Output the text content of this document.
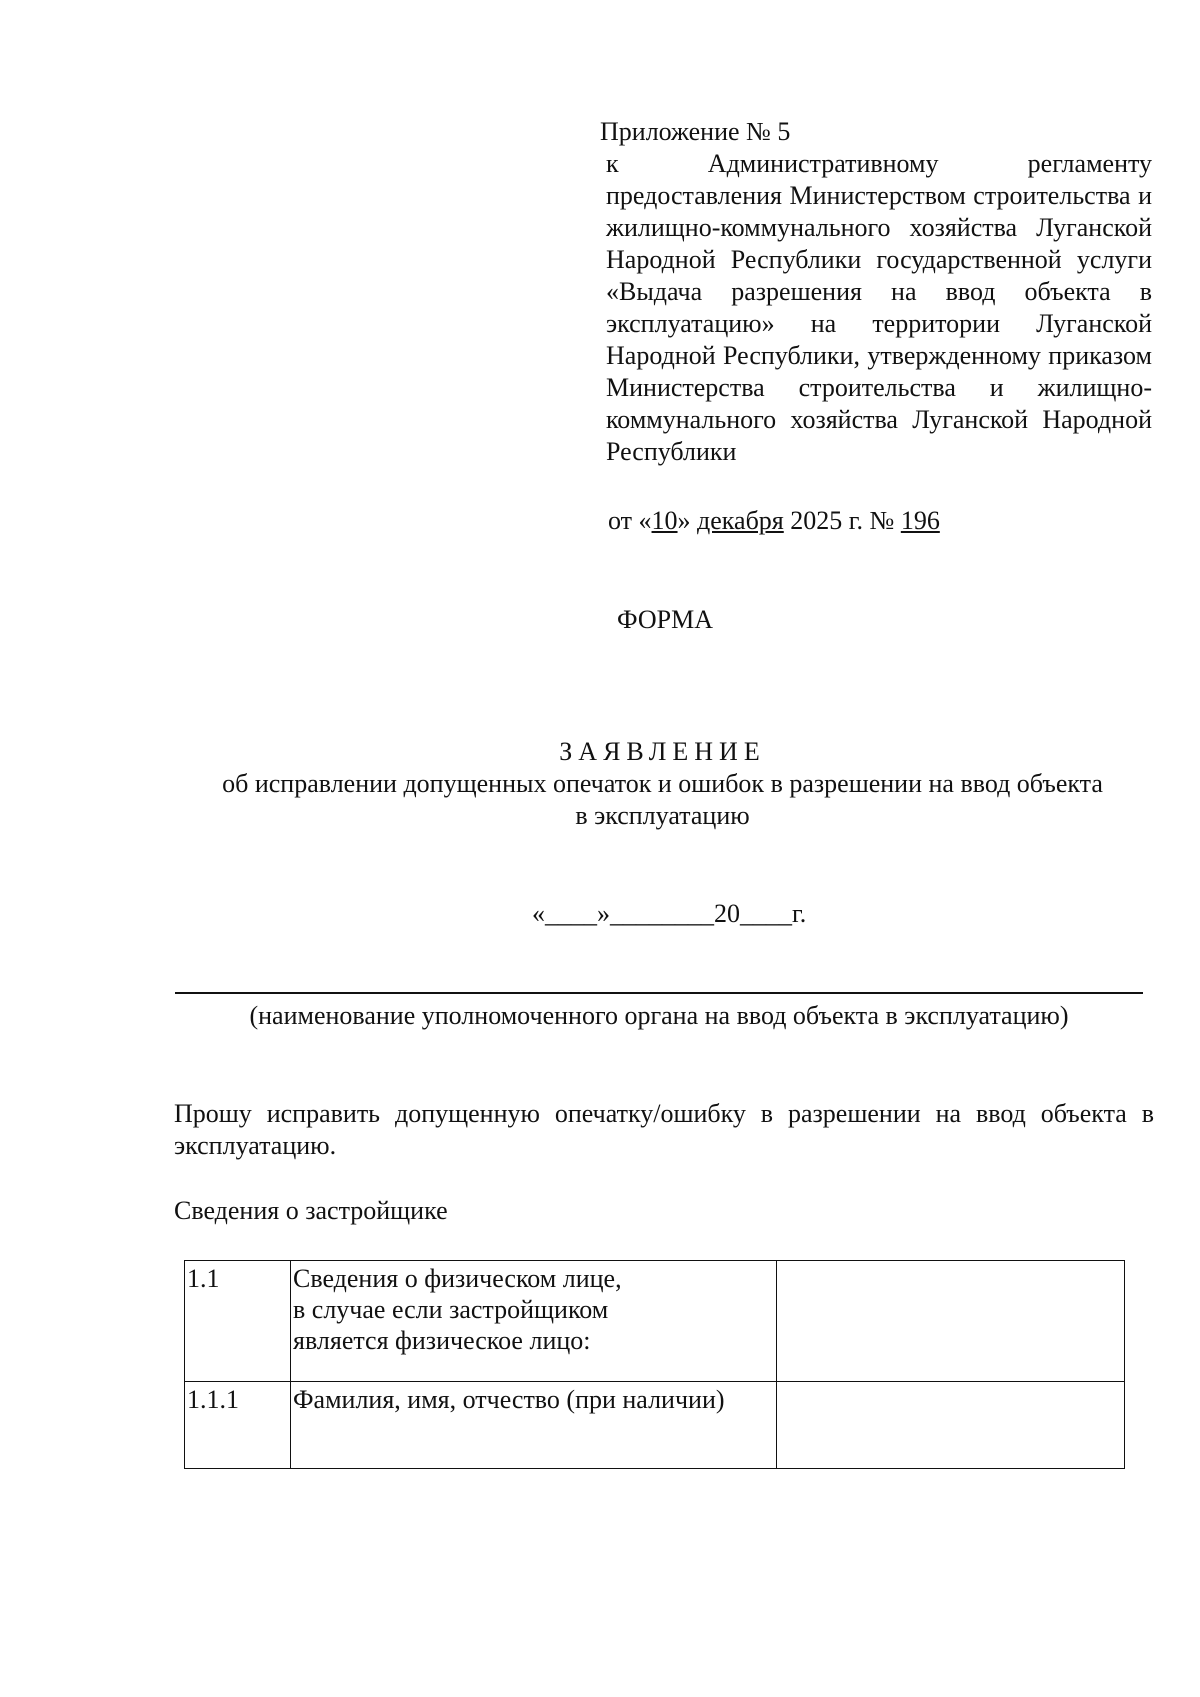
Приложение № 5
к Административному регламенту предоставления Министерством строительства и жилищно-коммунального хозяйства Луганской Народной Республики государственной услуги «Выдача разрешения на ввод объекта в эксплуатацию» на территории Луганской Народной Республики, утвержденному приказом Министерства строительства и жилищно-коммунального хозяйства Луганской Народной Республики
от «10» декабря 2025 г. № 196
ФОРМА
ЗАЯВЛЕНИЕ
об исправлении допущенных опечаток и ошибок в разрешении на ввод объекта
в эксплуатацию
«____»________20____г.
(наименование уполномоченного органа на ввод объекта в эксплуатацию)
Прошу исправить допущенную опечатку/ошибку в разрешении на ввод объекта в эксплуатацию.
Сведения о застройщике
1.1	Сведения о физическом лице,
в случае если застройщиком
является физическое лицо:	
1.1.1	Фамилия, имя, отчество (при наличии)	
